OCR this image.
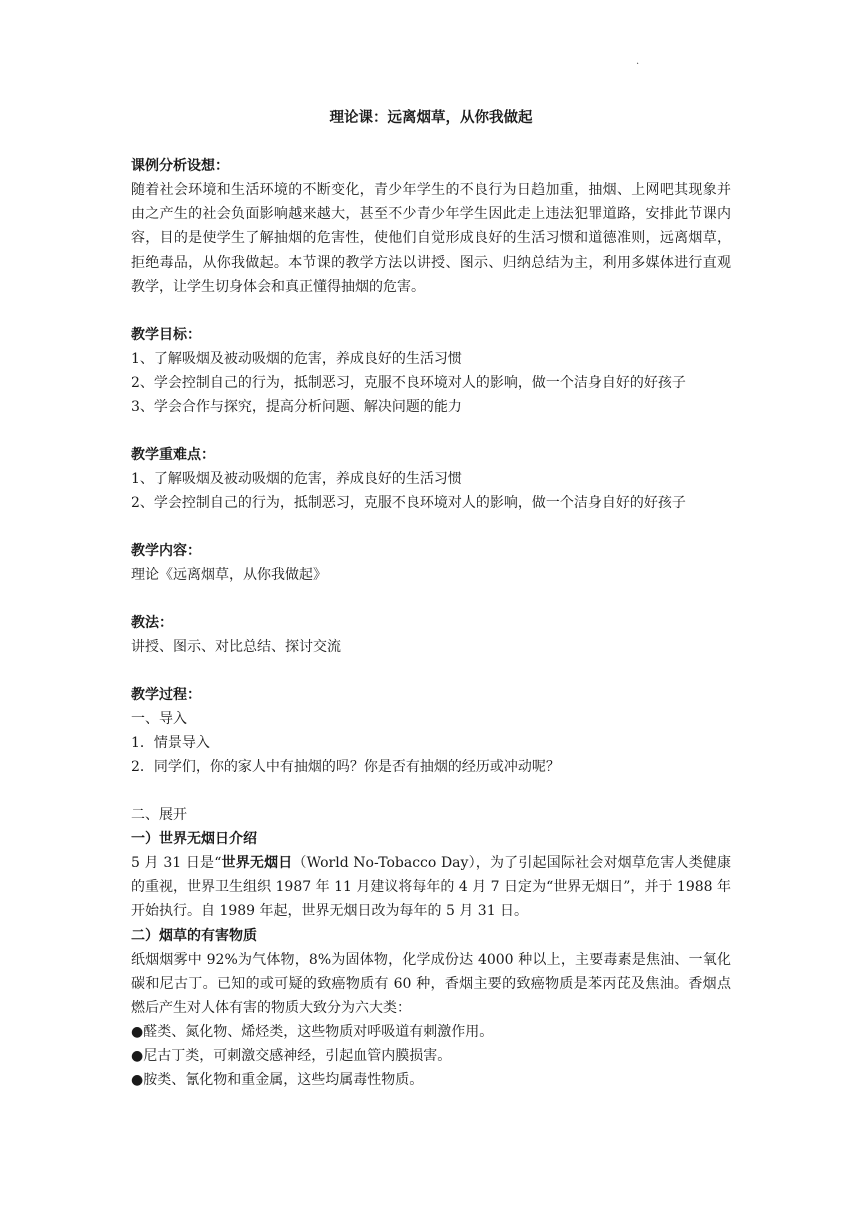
.
理论课：远离烟草，从你我做起
课例分析设想：
随着社会环境和生活环境的不断变化，青少年学生的不良行为日趋加重，抽烟、上网吧其现象并由之产生的社会负面影响越来越大，甚至不少青少年学生因此走上违法犯罪道路，安排此节课内容，目的是使学生了解抽烟的危害性，使他们自觉形成良好的生活习惯和道德准则，远离烟草，拒绝毒品，从你我做起。本节课的教学方法以讲授、图示、归纳总结为主，利用多媒体进行直观教学，让学生切身体会和真正懂得抽烟的危害。
教学目标：
1、了解吸烟及被动吸烟的危害，养成良好的生活习惯
2、学会控制自己的行为，抵制恶习，克服不良环境对人的影响，做一个洁身自好的好孩子
3、学会合作与探究，提高分析问题、解决问题的能力
教学重难点：
1、了解吸烟及被动吸烟的危害，养成良好的生活习惯
2、学会控制自己的行为，抵制恶习，克服不良环境对人的影响，做一个洁身自好的好孩子
教学内容：
理论《远离烟草，从你我做起》
教法：
讲授、图示、对比总结、探讨交流
教学过程：
一、导入
1．情景导入
2．同学们，你的家人中有抽烟的吗？你是否有抽烟的经历或冲动呢？
二、展开
一）世界无烟日介绍
5 月 31 日是“世界无烟日（World No-Tobacco Day），为了引起国际社会对烟草危害人类健康的重视，世界卫生组织 1987 年 11 月建议将每年的 4 月 7 日定为“世界无烟日”，并于 1988 年开始执行。自 1989 年起，世界无烟日改为每年的 5 月 31 日。
二）烟草的有害物质
纸烟烟雾中 92%为气体物，8%为固体物，化学成份达 4000 种以上，主要毒素是焦油、一氧化碳和尼古丁。已知的或可疑的致癌物质有 60 种，香烟主要的致癌物质是苯丙芘及焦油。香烟点燃后产生对人体有害的物质大致分为六大类：
●醛类、氮化物、烯烃类，这些物质对呼吸道有刺激作用。
●尼古丁类，可刺激交感神经，引起血管内膜损害。
●胺类、氰化物和重金属，这些均属毒性物质。
